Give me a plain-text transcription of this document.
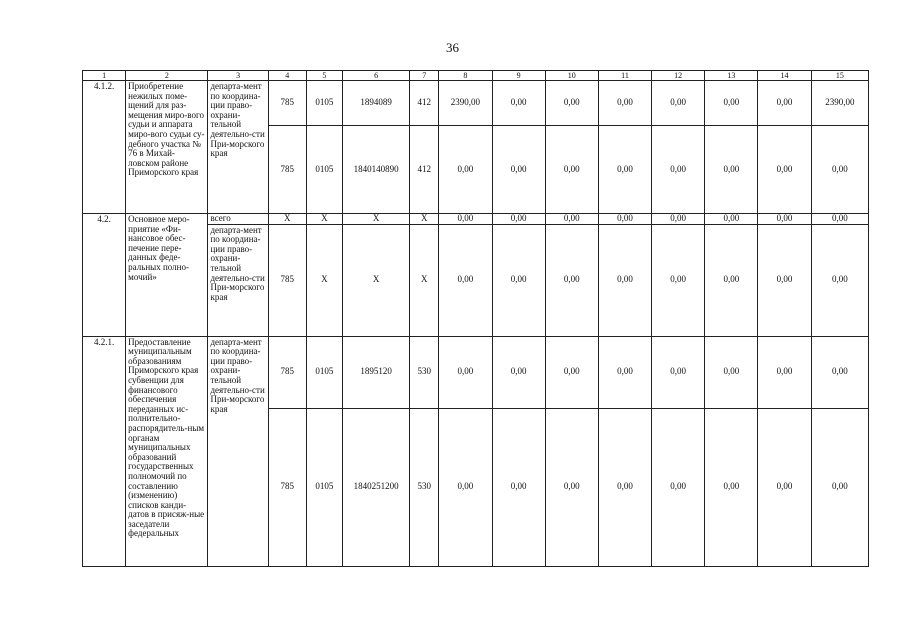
36
1	2	3	4	5	6	7	8	9	10	11	12	13	14	15
4.1.2.	Приобретение нежилых поме-щений для раз-мещения миро-вого судьи и аппарата миро-вого судьи су-дебного участка № 76 в Михай-ловском районе Приморского края	департа-мент по координа-ции право-охрани-тельной деятельно-сти При-морского края	785	0105	1894089	412	2390,00	0,00	0,00	0,00	0,00	0,00	0,00	2390,00
			785	0105	1840140890	412	0,00	0,00	0,00	0,00	0,00	0,00	0,00	0,00
4.2.	Основное меро-приятие «Фи-нансовое обес-печение пере-данных феде-ральных полно-мочий»	всего	X	X	X	X	0,00	0,00	0,00	0,00	0,00	0,00	0,00	0,00
		департа-мент по координа-ции право-охрани-тельной деятельно-сти При-морского края	785	X	X	X	0,00	0,00	0,00	0,00	0,00	0,00	0,00	0,00
4.2.1.	Предоставление муниципальным образованиям Приморского края субвенции для финансового обеспечения переданных ис-полнительно-распорядитель-ным органам муниципальных образований государственных полномочий по составлению (изменению) списков канди-датов в присяж-ные заседатели федеральных	департа-мент по координа-ции право-охрани-тельной деятельно-сти При-морского края	785	0105	1895120	530	0,00	0,00	0,00	0,00	0,00	0,00	0,00	0,00
			785	0105	1840251200	530	0,00	0,00	0,00	0,00	0,00	0,00	0,00	0,00
